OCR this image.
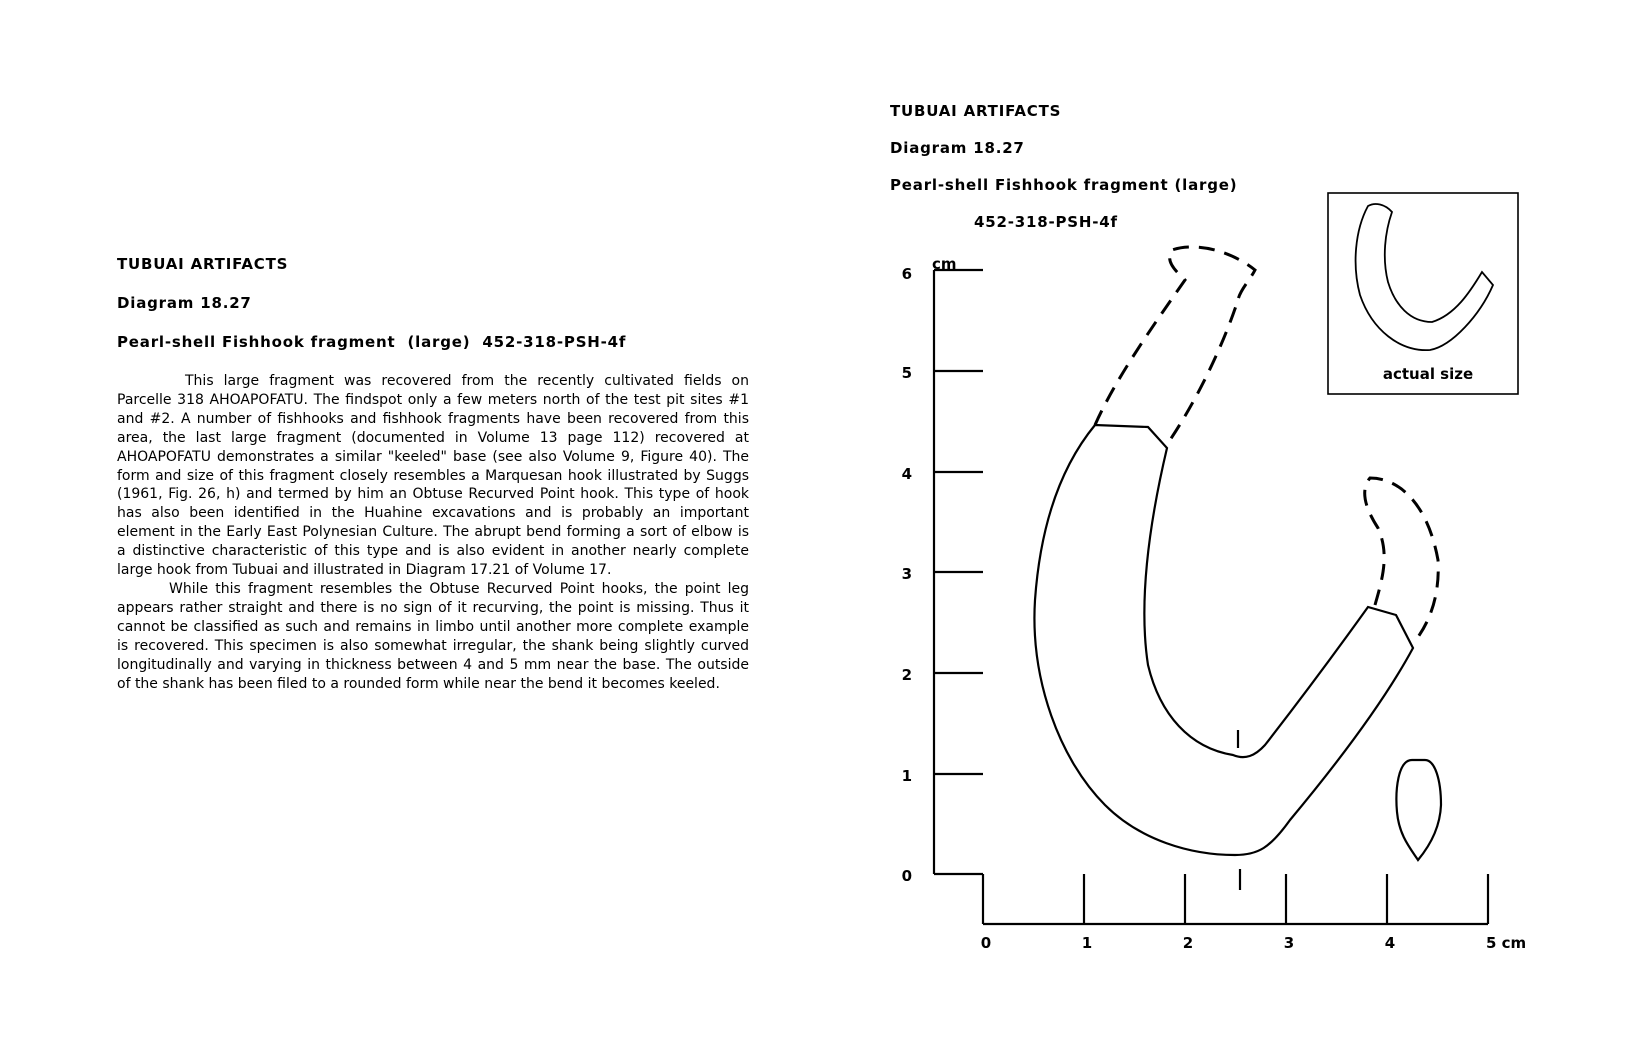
TUBUAI ARTIFACTS
Diagram 18.27
Pearl-shell Fishhook fragment  (large)  452-318-PSH-4f

This large fragment was recovered from the recently cultivated fields on Parcelle 318 AHOAPOFATU. The findspot only a few meters north of the test pit sites #1 and #2. A number of fishhooks and fishhook fragments have been recovered from this area, the last large fragment (documented in Volume 13 page 112) recovered at AHOAPOFATU demonstrates a similar "keeled" base (see also Volume 9, Figure 40). The form and size of this fragment closely resembles a Marquesan hook illustrated by Suggs (1961, Fig. 26, h) and termed by him an Obtuse Recurved Point hook. This type of hook has also been identified in the Huahine excavations and is probably an important element in the Early East Polynesian Culture. The abrupt bend forming a sort of elbow is a distinctive characteristic of this type and is also evident in another nearly complete large hook from Tubuai and illustrated in Diagram 17.21 of Volume 17.

While this fragment resembles the Obtuse Recurved Point hooks, the point leg appears rather straight and there is no sign of it recurving, the point is missing. Thus it cannot be classified as such and remains in limbo until another more complete example is recovered. This specimen is also somewhat irregular, the shank being slightly curved longitudinally and varying in thickness between 4 and 5 mm near the base. The outside of the shank has been filed to a rounded form while near the bend it becomes keeled.

actual size
cm
6
5
4
3
2
1
0
0	1	2	3	4	5 cm
TUBUAI ARTIFACTS
Diagram 18.27
Pearl-shell Fishhook fragment (large)
452-318-PSH-4f
